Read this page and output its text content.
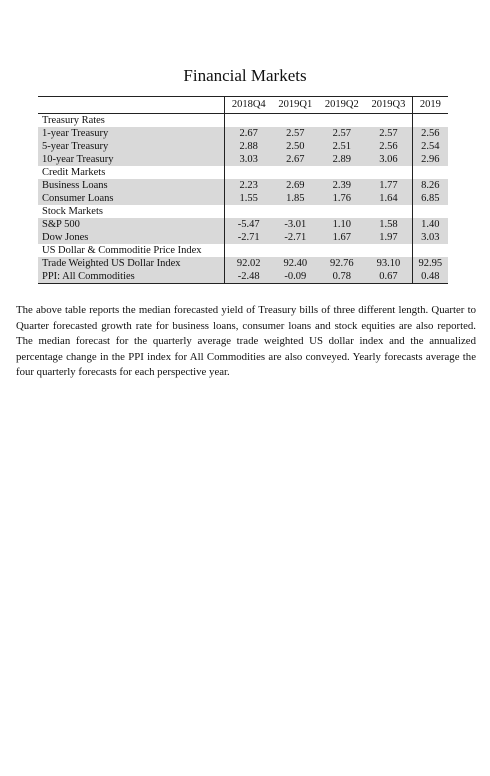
Financial Markets
	2018Q4	2019Q1	2019Q2	2019Q3	2019
Treasury Rates					
1-year Treasury	2.67	2.57	2.57	2.57	2.56
5-year Treasury	2.88	2.50	2.51	2.56	2.54
10-year Treasury	3.03	2.67	2.89	3.06	2.96
Credit Markets					
Business Loans	2.23	2.69	2.39	1.77	8.26
Consumer Loans	1.55	1.85	1.76	1.64	6.85
Stock Markets					
S&P 500	-5.47	-3.01	1.10	1.58	1.40
Dow Jones	-2.71	-2.71	1.67	1.97	3.03
US Dollar & Commoditie Price Index					
Trade Weighted US Dollar Index	92.02	92.40	92.76	93.10	92.95
PPI: All Commodities	-2.48	-0.09	0.78	0.67	0.48

The above table reports the median forecasted yield of Treasury bills of three different length. Quarter to Quarter forecasted growth rate for business loans, consumer loans and stock equities are also reported. The median forecast for the quarterly average trade weighted US dollar index and the annualized percentage change in the PPI index for All Commodities are also conveyed. Yearly forecasts average the four quarterly forecasts for each perspective year.
